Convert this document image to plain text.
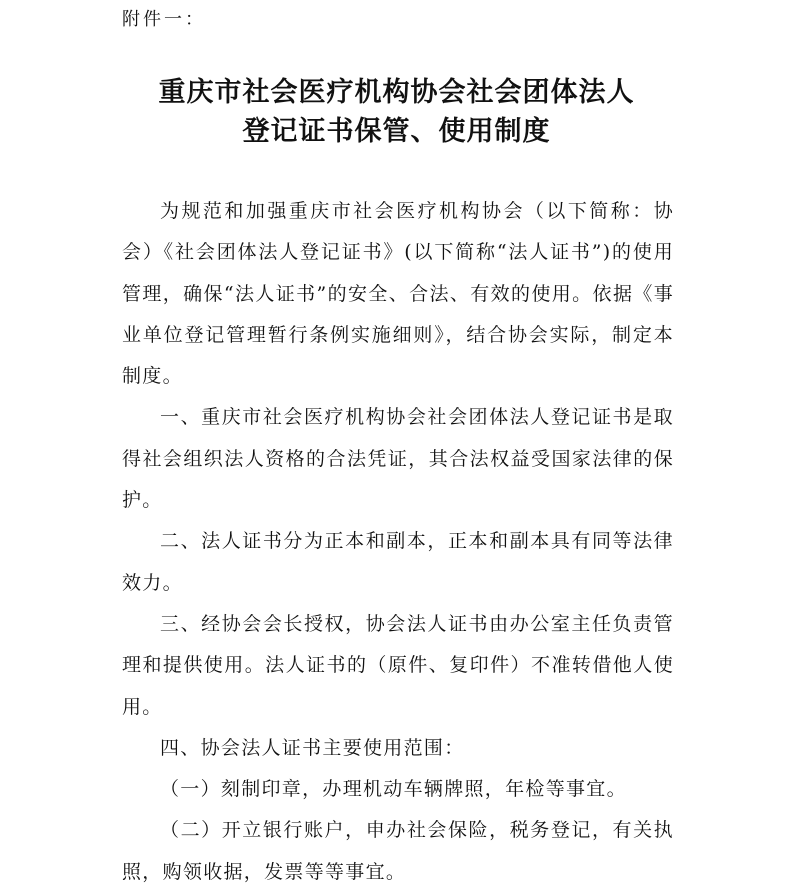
附件一：
重庆市社会医疗机构协会社会团体法人
登记证书保管、使用制度

为规范和加强重庆市社会医疗机构协会（以下简称：协会）《社会团体法人登记证书》(以下简称“法人证书”)的使用管理，确保“法人证书”的安全、合法、有效的使用。依据《事业单位登记管理暂行条例实施细则》，结合协会实际，制定本制度。

一、重庆市社会医疗机构协会社会团体法人登记证书是取得社会组织法人资格的合法凭证，其合法权益受国家法律的保护。

二、法人证书分为正本和副本，正本和副本具有同等法律效力。

三、经协会会长授权，协会法人证书由办公室主任负责管理和提供使用。法人证书的（原件、复印件）不准转借他人使用。

四、协会法人证书主要使用范围：

（一）刻制印章，办理机动车辆牌照，年检等事宜。

（二）开立银行账户，申办社会保险，税务登记，有关执照，购领收据，发票等等事宜。
